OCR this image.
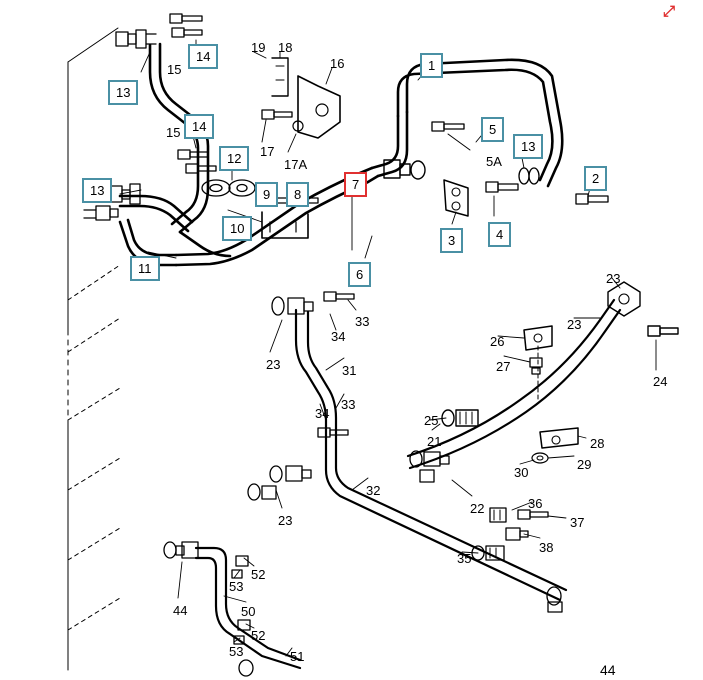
⤢
44
14
15
13
19 18
16	1
5
13
2
5A
14
15
12	17
17A
13	9	8
7
3	4
10
11	6	23
33
34
23	31
23
26
27
24
33
34	25
21	28
30
29
23
32
22	36
37
38
35
52
53
44	50
52
53	51
